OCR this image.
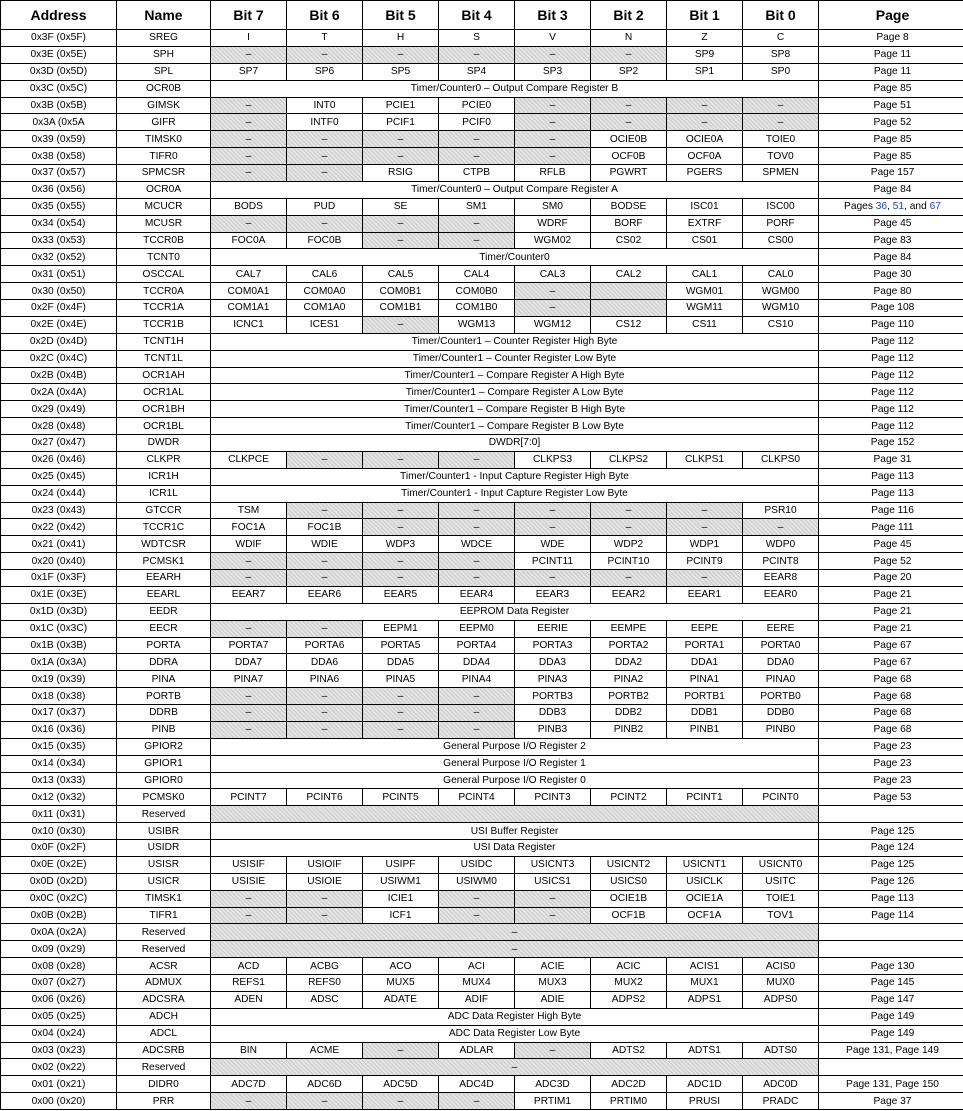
Address	Name	Bit 7	Bit 6	Bit 5	Bit 4	Bit 3	Bit 2	Bit 1	Bit 0	Page
0x3F (0x5F)	SREG	I	T	H	S	V	N	Z	C	Page 8
0x3E (0x5E)	SPH	–	–	–	–	–	–	SP9	SP8	Page 11
0x3D (0x5D)	SPL	SP7	SP6	SP5	SP4	SP3	SP2	SP1	SP0	Page 11
0x3C (0x5C)	OCR0B	Timer/Counter0 – Output Compare Register B								Page 85
0x3B (0x5B)	GIMSK	–	INT0	PCIE1	PCIE0	–	–	–	–	Page 51
0x3A (0x5A	GIFR	–	INTF0	PCIF1	PCIF0	–	–	–	–	Page 52
0x39 (0x59)	TIMSK0	–	–	–	–	–	OCIE0B	OCIE0A	TOIE0	Page 85
0x38 (0x58)	TIFR0	–	–	–	–	–	OCF0B	OCF0A	TOV0	Page 85
0x37 (0x57)	SPMCSR	–	–	RSIG	CTPB	RFLB	PGWRT	PGERS	SPMEN	Page 157
0x36 (0x56)	OCR0A	Timer/Counter0 – Output Compare Register A								Page 84
0x35 (0x55)	MCUCR	BODS	PUD	SE	SM1	SM0	BODSE	ISC01	ISC00	Pages 36, 51, and 67
0x34 (0x54)	MCUSR	–	–	–	–	WDRF	BORF	EXTRF	PORF	Page 45
0x33 (0x53)	TCCR0B	FOC0A	FOC0B	–	–	WGM02	CS02	CS01	CS00	Page 83
0x32 (0x52)	TCNT0	Timer/Counter0								Page 84
0x31 (0x51)	OSCCAL	CAL7	CAL6	CAL5	CAL4	CAL3	CAL2	CAL1	CAL0	Page 30
0x30 (0x50)	TCCR0A	COM0A1	COM0A0	COM0B1	COM0B0	–		WGM01	WGM00	Page 80
0x2F (0x4F)	TCCR1A	COM1A1	COM1A0	COM1B1	COM1B0	–		WGM11	WGM10	Page 108
0x2E (0x4E)	TCCR1B	ICNC1	ICES1	–	WGM13	WGM12	CS12	CS11	CS10	Page 110
0x2D (0x4D)	TCNT1H	Timer/Counter1 – Counter Register High Byte								Page 112
0x2C (0x4C)	TCNT1L	Timer/Counter1 – Counter Register Low Byte								Page 112
0x2B (0x4B)	OCR1AH	Timer/Counter1 – Compare Register A High Byte								Page 112
0x2A (0x4A)	OCR1AL	Timer/Counter1 – Compare Register A Low Byte								Page 112
0x29 (0x49)	OCR1BH	Timer/Counter1 – Compare Register B High Byte								Page 112
0x28 (0x48)	OCR1BL	Timer/Counter1 – Compare Register B Low Byte								Page 112
0x27 (0x47)	DWDR	DWDR[7:0]								Page 152
0x26 (0x46)	CLKPR	CLKPCE	–	–	–	CLKPS3	CLKPS2	CLKPS1	CLKPS0	Page 31
0x25 (0x45)	ICR1H	Timer/Counter1 - Input Capture Register High Byte								Page 113
0x24 (0x44)	ICR1L	Timer/Counter1 - Input Capture Register Low Byte								Page 113
0x23 (0x43)	GTCCR	TSM	–	–	–	–	–	–	PSR10	Page 116
0x22 (0x42)	TCCR1C	FOC1A	FOC1B	–	–	–	–	–	–	Page 111
0x21 (0x41)	WDTCSR	WDIF	WDIE	WDP3	WDCE	WDE	WDP2	WDP1	WDP0	Page 45
0x20 (0x40)	PCMSK1	–	–	–	–	PCINT11	PCINT10	PCINT9	PCINT8	Page 52
0x1F (0x3F)	EEARH	–	–	–	–	–	–	–	EEAR8	Page 20
0x1E (0x3E)	EEARL	EEAR7	EEAR6	EEAR5	EEAR4	EEAR3	EEAR2	EEAR1	EEAR0	Page 21
0x1D (0x3D)	EEDR	EEPROM Data Register								Page 21
0x1C (0x3C)	EECR	–	–	EEPM1	EEPM0	EERIE	EEMPE	EEPE	EERE	Page 21
0x1B (0x3B)	PORTA	PORTA7	PORTA6	PORTA5	PORTA4	PORTA3	PORTA2	PORTA1	PORTA0	Page 67
0x1A (0x3A)	DDRA	DDA7	DDA6	DDA5	DDA4	DDA3	DDA2	DDA1	DDA0	Page 67
0x19 (0x39)	PINA	PINA7	PINA6	PINA5	PINA4	PINA3	PINA2	PINA1	PINA0	Page 68
0x18 (0x38)	PORTB	–	–	–	–	PORTB3	PORTB2	PORTB1	PORTB0	Page 68
0x17 (0x37)	DDRB	–	–	–	–	DDB3	DDB2	DDB1	DDB0	Page 68
0x16 (0x36)	PINB	–	–	–	–	PINB3	PINB2	PINB1	PINB0	Page 68
0x15 (0x35)	GPIOR2	General Purpose I/O Register 2								Page 23
0x14 (0x34)	GPIOR1	General Purpose I/O Register 1								Page 23
0x13 (0x33)	GPIOR0	General Purpose I/O Register 0								Page 23
0x12 (0x32)	PCMSK0	PCINT7	PCINT6	PCINT5	PCINT4	PCINT3	PCINT2	PCINT1	PCINT0	Page 53
0x11 (0x31)	Reserved									
0x10 (0x30)	USIBR	USI Buffer Register								Page 125
0x0F (0x2F)	USIDR	USI Data Register								Page 124
0x0E (0x2E)	USISR	USISIF	USIOIF	USIPF	USIDC	USICNT3	USICNT2	USICNT1	USICNT0	Page 125
0x0D (0x2D)	USICR	USISIE	USIOIE	USIWM1	USIWM0	USICS1	USICS0	USICLK	USITC	Page 126
0x0C (0x2C)	TIMSK1	–	–	ICIE1	–	–	OCIE1B	OCIE1A	TOIE1	Page 113
0x0B (0x2B)	TIFR1	–	–	ICF1	–	–	OCF1B	OCF1A	TOV1	Page 114
0x0A (0x2A)	Reserved	–								
0x09 (0x29)	Reserved	–								
0x08 (0x28)	ACSR	ACD	ACBG	ACO	ACI	ACIE	ACIC	ACIS1	ACIS0	Page 130
0x07 (0x27)	ADMUX	REFS1	REFS0	MUX5	MUX4	MUX3	MUX2	MUX1	MUX0	Page 145
0x06 (0x26)	ADCSRA	ADEN	ADSC	ADATE	ADIF	ADIE	ADPS2	ADPS1	ADPS0	Page 147
0x05 (0x25)	ADCH	ADC Data Register High Byte								Page 149
0x04 (0x24)	ADCL	ADC Data Register Low Byte								Page 149
0x03 (0x23)	ADCSRB	BIN	ACME	–	ADLAR	–	ADTS2	ADTS1	ADTS0	Page 131, Page 149
0x02 (0x22)	Reserved	–								
0x01 (0x21)	DIDR0	ADC7D	ADC6D	ADC5D	ADC4D	ADC3D	ADC2D	ADC1D	ADC0D	Page 131, Page 150
0x00 (0x20)	PRR	–	–	–	–	PRTIM1	PRTIM0	PRUSI	PRADC	Page 37
